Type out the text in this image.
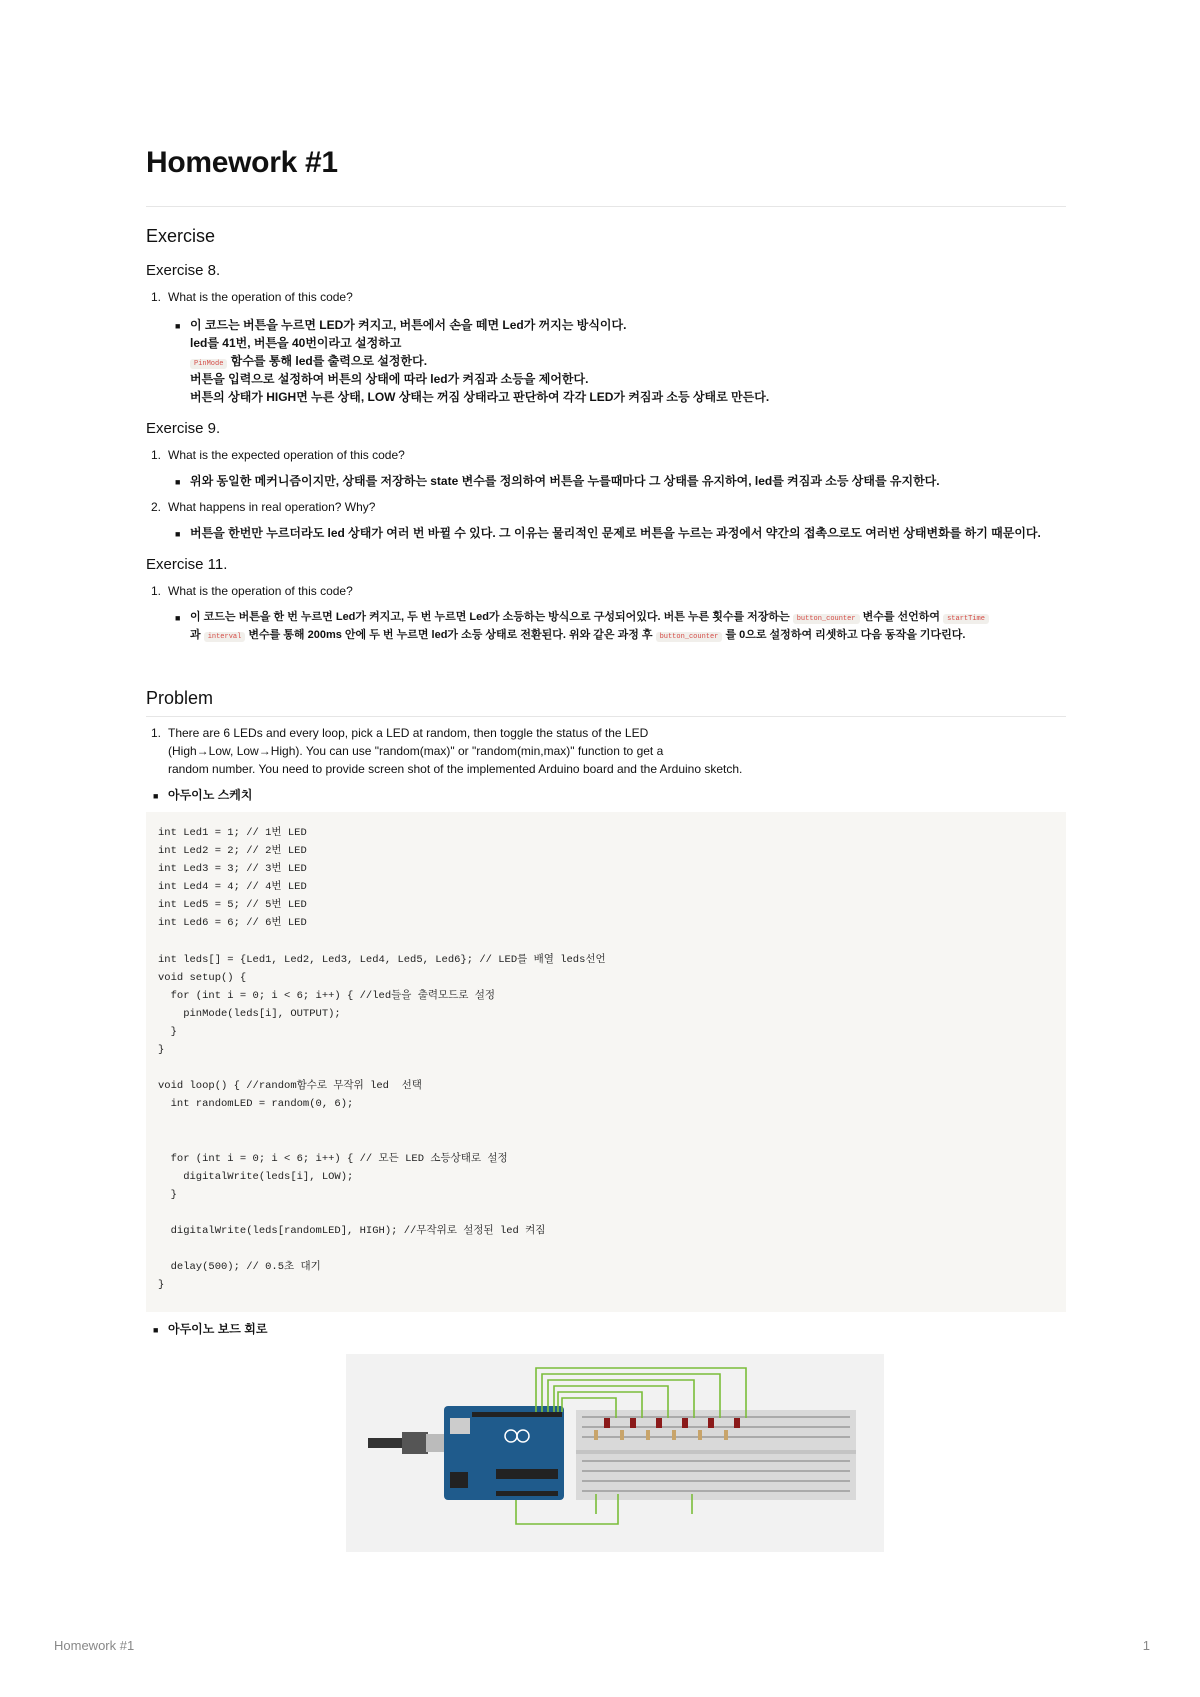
Homework #1
Exercise
Exercise 8.
1. What is the operation of this code?
■ 이 코드는 버튼을 누르면 LED가 켜지고, 버튼에서 손을 떼면 Led가 꺼지는 방식이다.
led를 41번, 버튼을 40번이라고 설정하고
PinMode 함수를 통해 led를 출력으로 설정한다.
버튼을 입력으로 설정하여 버튼의 상태에 따라 led가 켜짐과 소등을 제어한다.
버튼의 상태가 HIGH면 누른 상태, LOW 상태는 꺼짐 상태라고 판단하여 각각 LED가 켜짐과 소등 상태로 만든다.
Exercise 9.
1. What is the expected operation of this code?
■ 위와 동일한 메커니즘이지만, 상태를 저장하는 state 변수를 정의하여 버튼을 누를때마다 그 상태를 유지하여, led를 켜짐과 소등 상태를 유지한다.
2. What happens in real operation? Why?
■ 버튼을 한번만 누르더라도 led 상태가 여러 번 바뀔 수 있다. 그 이유는 물리적인 문제로 버튼을 누르는 과정에서 약간의 접촉으로도 여러번 상태변화를 하기 때문이다.
Exercise 11.
1. What is the operation of this code?
■ 이 코드는 버튼을 한 번 누르면 Led가 켜지고, 두 번 누르면 Led가 소등하는 방식으로 구성되어있다. 버튼 누른 횟수를 저장하는 button_counter 변수를 선언하여 startTime
과 interval 변수를 통해 200ms 안에 두 번 누르면 led가 소등 상태로 전환된다. 위와 같은 과정 후 button_counter 를 0으로 설정하여 리셋하고 다음 동작을 기다린다.
Problem
1. There are 6 LEDs and every loop, pick a LED at random, then toggle the status of the LED
(High→Low, Low→High). You can use "random(max)" or "random(min,max)" function to get a
random number. You need to provide screen shot of the implemented Arduino board and the Arduino sketch.
■ 아두이노 스케치
int Led1 = 1; // 1번 LED
int Led2 = 2; // 2번 LED
int Led3 = 3; // 3번 LED
int Led4 = 4; // 4번 LED
int Led5 = 5; // 5번 LED
int Led6 = 6; // 6번 LED

int leds[] = {Led1, Led2, Led3, Led4, Led5, Led6}; // LED를 배열 leds선언
void setup() {
for (int i = 0; i < 6; i++) { //led들을 출력모드로 설정
pinMode(leds[i], OUTPUT);
}
}

void loop() { //random함수로 무작위 led  선택
int randomLED = random(0, 6);

for (int i = 0; i < 6; i++) { // 모든 LED 소등상태로 설정
digitalWrite(leds[i], LOW);
}

digitalWrite(leds[randomLED], HIGH); //무작위로 설정된 led 켜짐

delay(500); // 0.5초 대기
}
■ 아두이노 보드 회로
Homework #1	1
